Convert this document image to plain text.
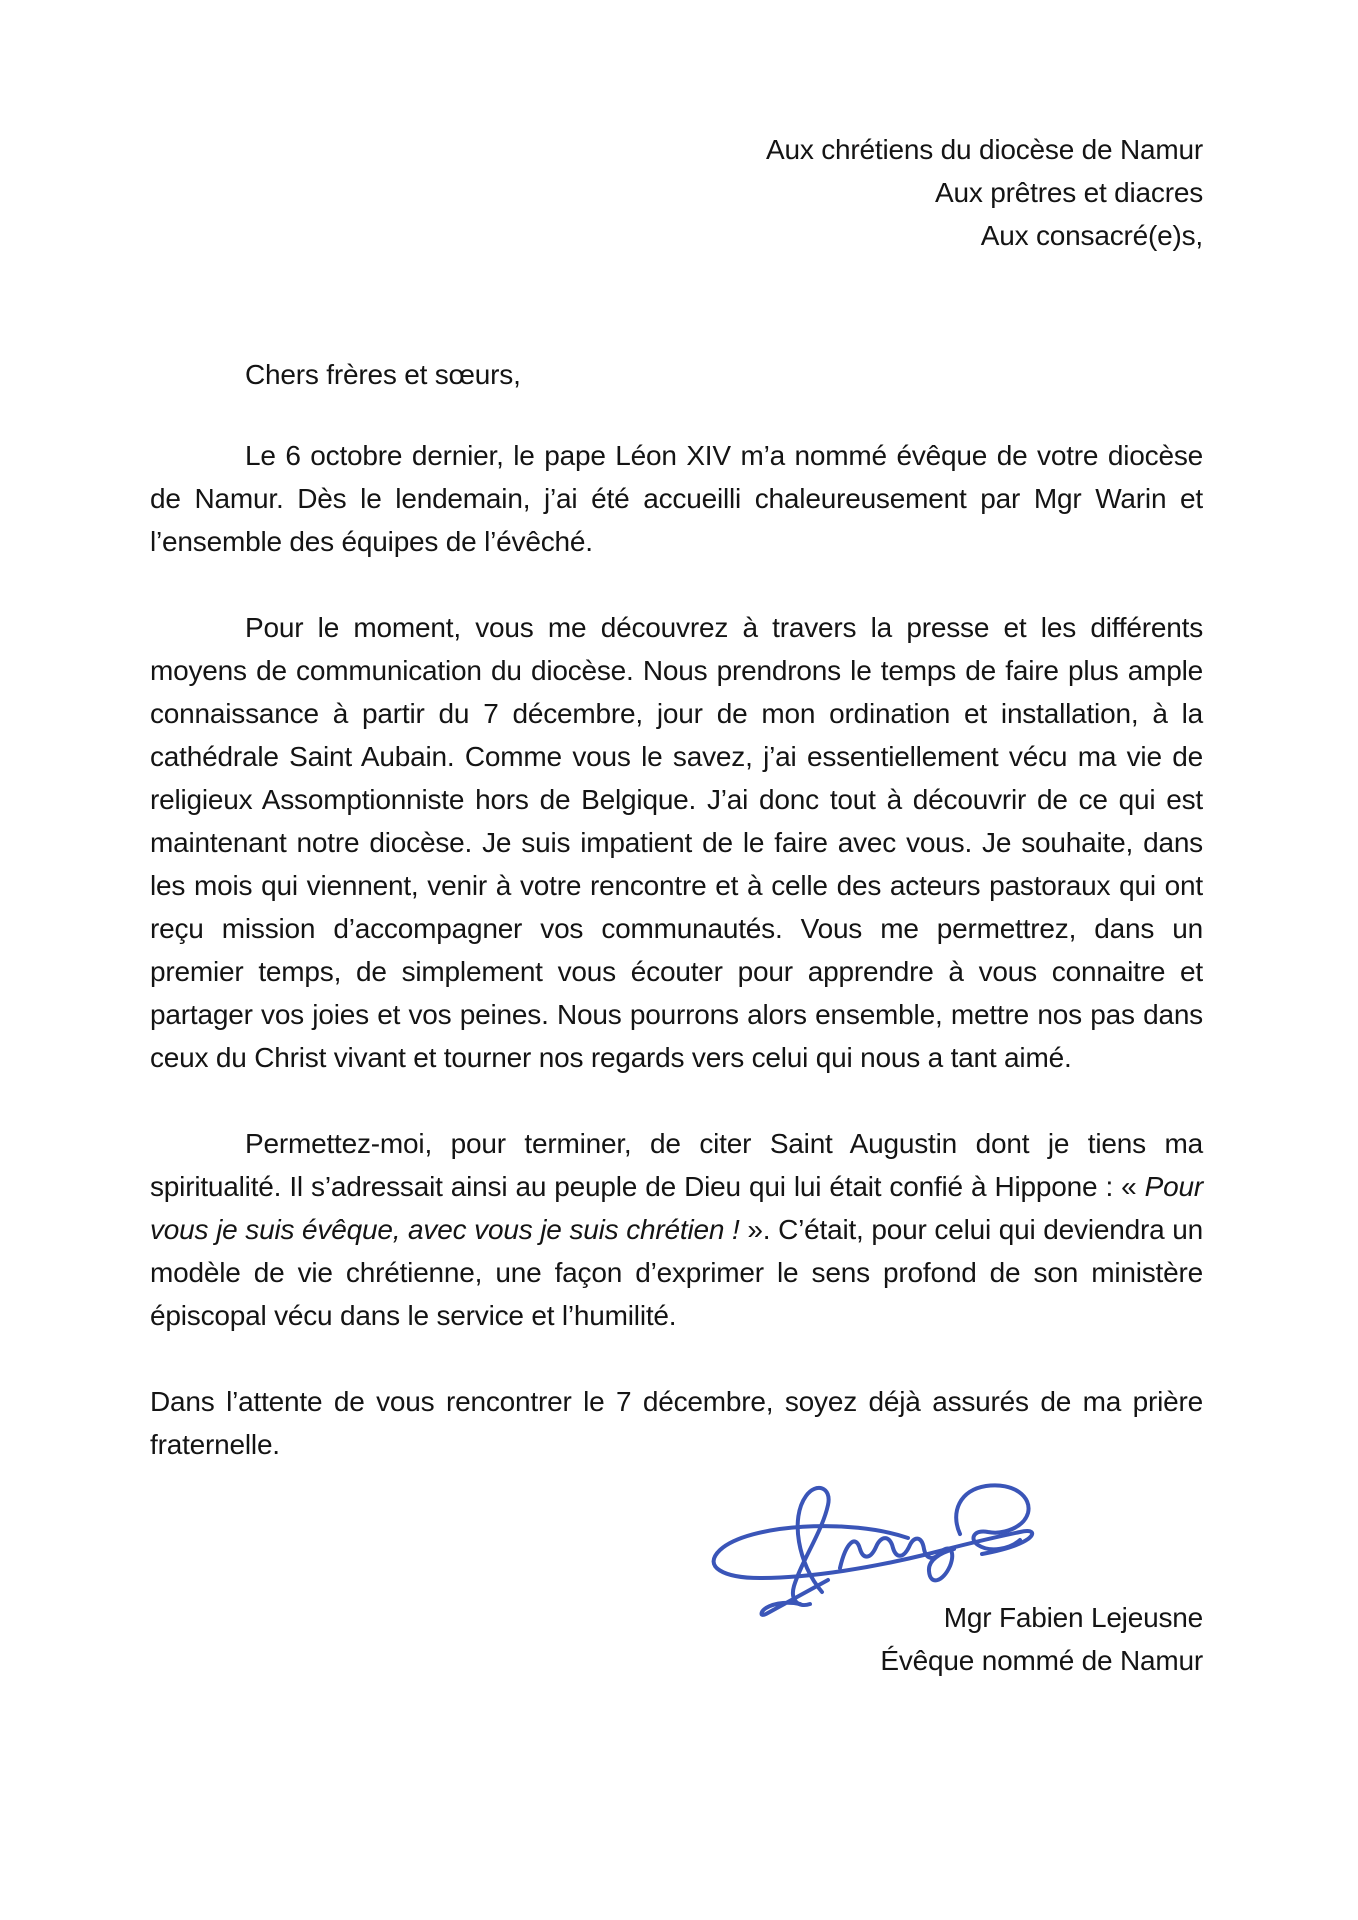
Aux chrétiens du diocèse de Namur
Aux prêtres et diacres
Aux consacré(e)s,
Chers frères et sœurs,

Le 6 octobre dernier, le pape Léon XIV m’a nommé évêque de votre diocèse de Namur. Dès le lendemain, j’ai été accueilli chaleureusement par Mgr Warin et l’ensemble des équipes de l’évêché.

Pour le moment, vous me découvrez à travers la presse et les différents moyens de communication du diocèse. Nous prendrons le temps de faire plus ample connaissance à partir du 7 décembre, jour de mon ordination et installation, à la cathédrale Saint Aubain. Comme vous le savez, j’ai essentiellement vécu ma vie de religieux Assomptionniste hors de Belgique. J’ai donc tout à découvrir de ce qui est maintenant notre diocèse. Je suis impatient de le faire avec vous. Je souhaite, dans les mois qui viennent, venir à votre rencontre et à celle des acteurs pastoraux qui ont reçu mission d’accompagner vos communautés. Vous me permettrez, dans un premier temps, de simplement vous écouter pour apprendre à vous connaitre et partager vos joies et vos peines. Nous pourrons alors ensemble, mettre nos pas dans ceux du Christ vivant et tourner nos regards vers celui qui nous a tant aimé.

Permettez-moi, pour terminer, de citer Saint Augustin dont je tiens ma spiritualité. Il s’adressait ainsi au peuple de Dieu qui lui était confié à Hippone : « Pour vous je suis évêque, avec vous je suis chrétien ! ». C’était, pour celui qui deviendra un modèle de vie chrétienne, une façon d’exprimer le sens profond de son ministère épiscopal vécu dans le service et l’humilité.

Dans l’attente de vous rencontrer le 7 décembre, soyez déjà assurés de ma prière fraternelle.

Mgr Fabien Lejeusne
Évêque nommé de Namur
